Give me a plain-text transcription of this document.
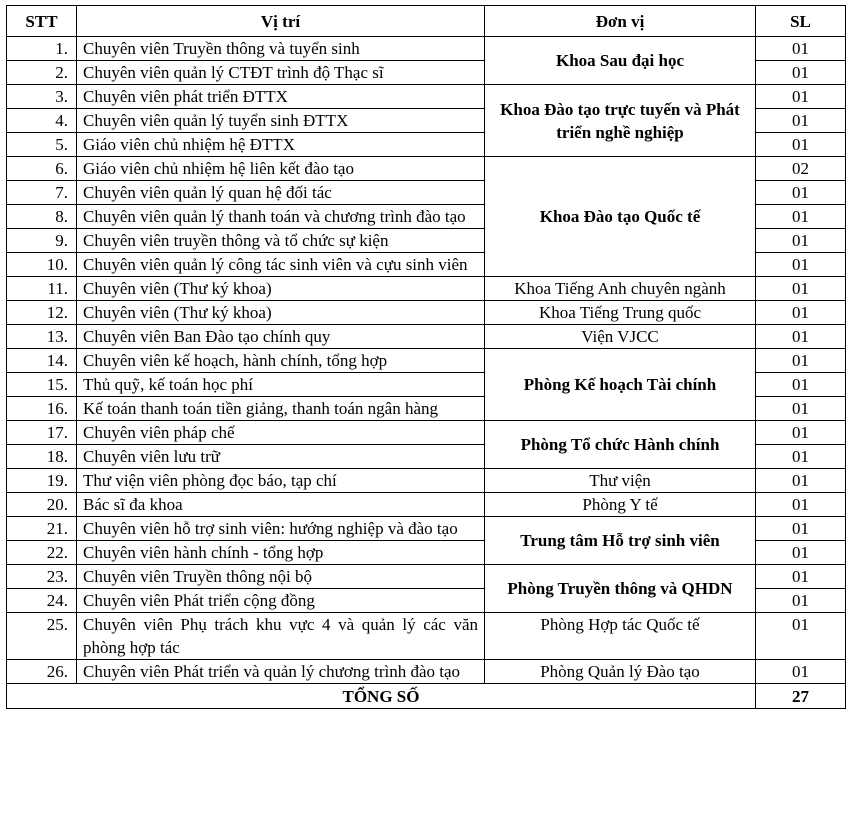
STT	Vị trí	Đơn vị	SL
1.	Chuyên viên Truyền thông và tuyển sinh	Khoa Sau đại học	01
2.	Chuyên viên quản lý CTĐT trình độ Thạc sĩ		01
3.	Chuyên viên phát triển ĐTTX	Khoa Đào tạo trực tuyến và Phát triển nghề nghiệp	01
4.	Chuyên viên quản lý tuyển sinh ĐTTX		01
5.	Giáo viên chủ nhiệm hệ ĐTTX		01
6.	Giáo viên chủ nhiệm hệ liên kết đào tạo	Khoa Đào tạo Quốc tế	02
7.	Chuyên viên quản lý quan hệ đối tác		01
8.	Chuyên viên quản lý thanh toán và chương trình đào tạo		01
9.	Chuyên viên truyền thông và tổ chức sự kiện		01
10.	Chuyên viên quản lý công tác sinh viên và cựu sinh viên		01
11.	Chuyên viên (Thư ký khoa)	Khoa Tiếng Anh chuyên ngành	01
12.	Chuyên viên (Thư ký khoa)	Khoa Tiếng Trung quốc	01
13.	Chuyên viên Ban Đào tạo chính quy	Viện VJCC	01
14.	Chuyên viên kế hoạch, hành chính, tổng hợp	Phòng Kế hoạch Tài chính	01
15.	Thủ quỹ, kế toán học phí		01
16.	Kế toán thanh toán tiền giảng, thanh toán ngân hàng		01
17.	Chuyên viên pháp chế	Phòng Tổ chức Hành chính	01
18.	Chuyên viên lưu trữ		01
19.	Thư viện viên phòng đọc báo, tạp chí	Thư viện	01
20.	Bác sĩ đa khoa	Phòng Y tế	01
21.	Chuyên viên hỗ trợ sinh viên: hướng nghiệp và đào tạo	Trung tâm Hỗ trợ sinh viên	01
22.	Chuyên viên hành chính - tổng hợp		01
23.	Chuyên viên Truyền thông nội bộ	Phòng Truyền thông và QHDN	01
24.	Chuyên viên Phát triển cộng đồng		01
25.	Chuyên viên Phụ trách khu vực 4 và quản lý các văn phòng hợp tác	Phòng Hợp tác Quốc tế	01
26.	Chuyên viên Phát triển và quản lý chương trình đào tạo	Phòng Quản lý Đào tạo	01
TỔNG SỐ			27
